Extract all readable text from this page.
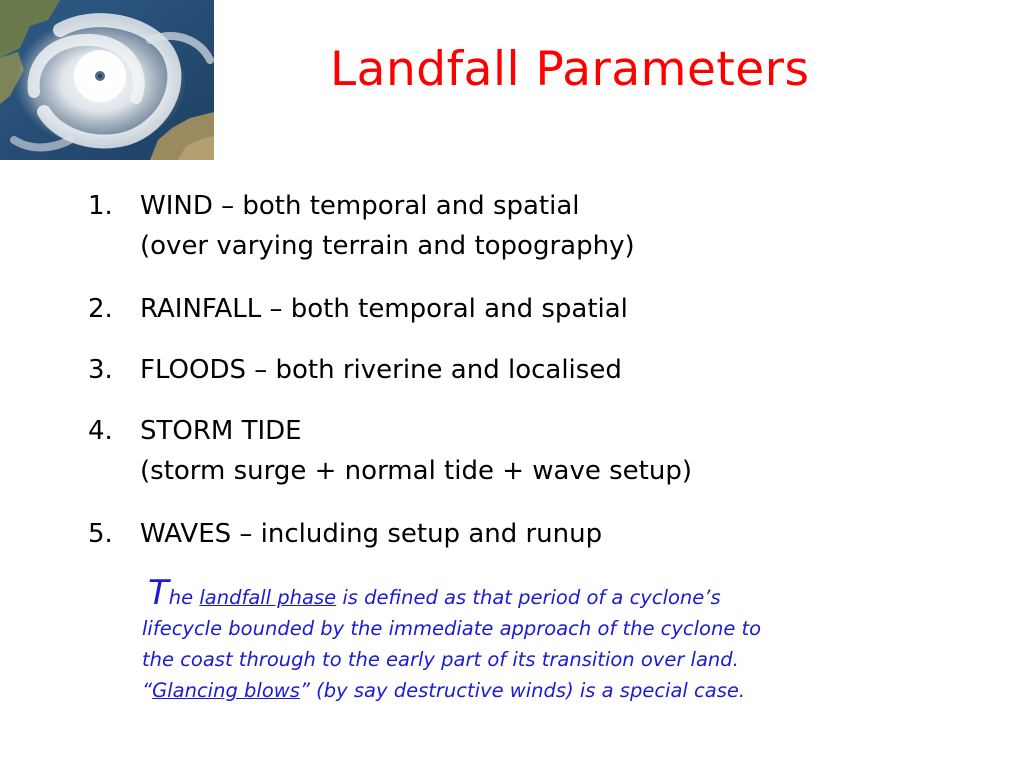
Landfall Parameters
1. WIND – both temporal and spatial
(over varying terrain and topography)
2. RAINFALL – both temporal and spatial
3. FLOODS – both riverine and localised
4. STORM TIDE
(storm surge + normal tide + wave setup)
5. WAVES – including setup and runup
The landfall phase is defined as that period of a cyclone’s
lifecycle bounded by the immediate approach of the cyclone to
the coast through to the early part of its transition over land.
“Glancing blows” (by say destructive winds) is a special case.
